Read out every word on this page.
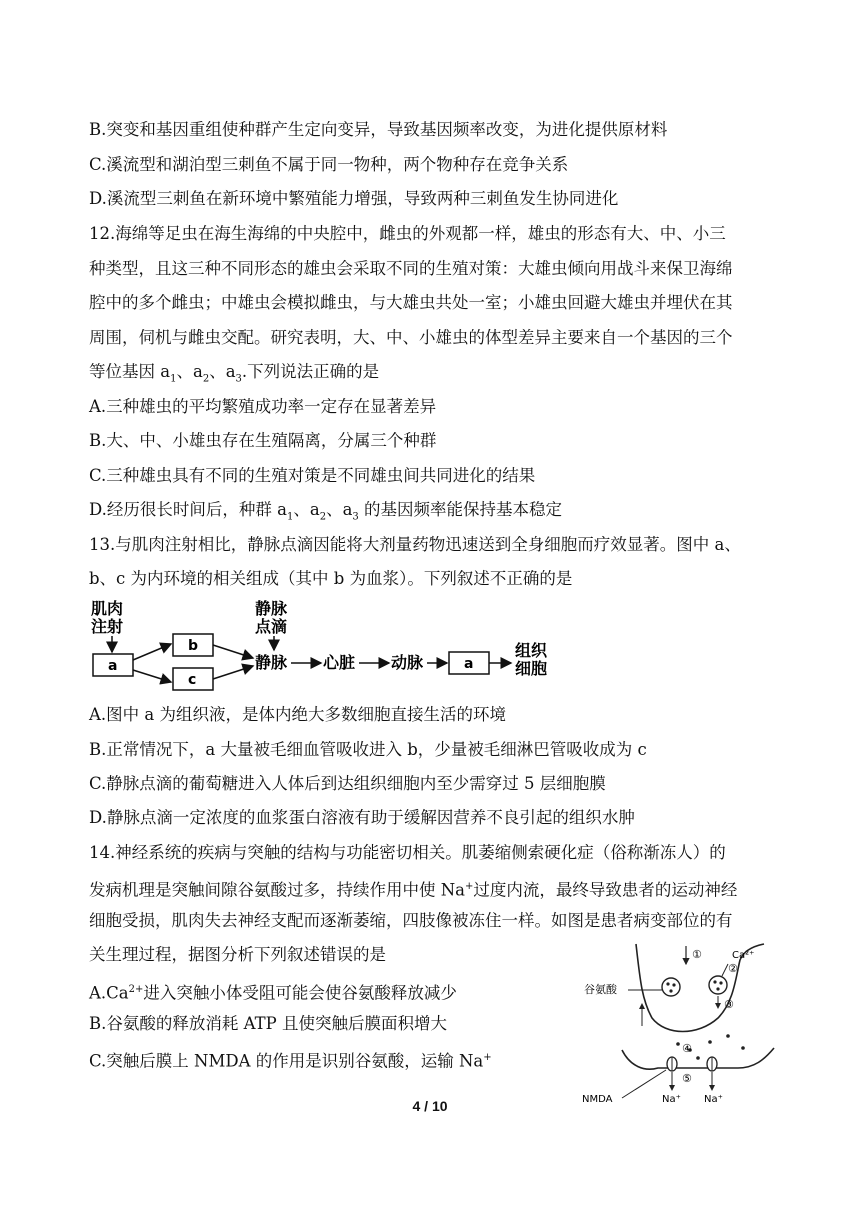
B.突变和基因重组使种群产生定向变异，导致基因频率改变，为进化提供原材料
C.溪流型和湖泊型三刺鱼不属于同一物种，两个物种存在竞争关系
D.溪流型三刺鱼在新环境中繁殖能力增强，导致两种三刺鱼发生协同进化
12.海绵等足虫在海生海绵的中央腔中，雌虫的外观都一样，雄虫的形态有大、中、小三
种类型，且这三种不同形态的雄虫会采取不同的生殖对策：大雄虫倾向用战斗来保卫海绵
腔中的多个雌虫；中雄虫会模拟雌虫，与大雄虫共处一室；小雄虫回避大雄虫并埋伏在其
周围，伺机与雌虫交配。研究表明，大、中、小雄虫的体型差异主要来自一个基因的三个
等位基因 $a_1$、$a_2$、$a_3$.下列说法正确的是
A.三种雄虫的平均繁殖成功率一定存在显著差异
B.大、中、小雄虫存在生殖隔离，分属三个种群
C.三种雄虫具有不同的生殖对策是不同雄虫间共同进化的结果
D.经历很长时间后，种群 $a_1$、$a_2$、$a_3$ 的基因频率能保持基本稳定
13.与肌肉注射相比，静脉点滴因能将大剂量药物迅速送到全身细胞而疗效显著。图中 a、
b、c 为内环境的相关组成（其中 b 为血浆）。下列叙述不正确的是
肌肉
注射
a
b
c
静脉
点滴
静脉 心脏 动脉	a
组织
细胞
A.图中 a 为组织液，是体内绝大多数细胞直接生活的环境
B.正常情况下，a 大量被毛细血管吸收进入 b，少量被毛细淋巴管吸收成为 c
C.静脉点滴的葡萄糖进入人体后到达组织细胞内至少需穿过 5 层细胞膜
D.静脉点滴一定浓度的血浆蛋白溶液有助于缓解因营养不良引起的组织水肿
14.神经系统的疾病与突触的结构与功能密切相关。肌萎缩侧索硬化症（俗称渐冻人）的
发病机理是突触间隙谷氨酸过多，持续作用中使 Na+过度内流，最终导致患者的运动神经
细胞受损，肌肉失去神经支配而逐渐萎缩，四肢像被冻住一样。如图是患者病变部位的有
关生理过程，据图分析下列叙述错误的是
$A.Ca^{2+}$进入突触小体受阻可能会使谷氨酸释放减少
B.谷氨酸的释放消耗 ATP 且使突触后膜面积增大
C.突触后膜上 NMDA 的作用是识别谷氨酸，运输 Na+
谷氨酸
①	Ca²⁺
②
③
④
⑤
NMDA	Na⁺ Na⁺
4 / 10
